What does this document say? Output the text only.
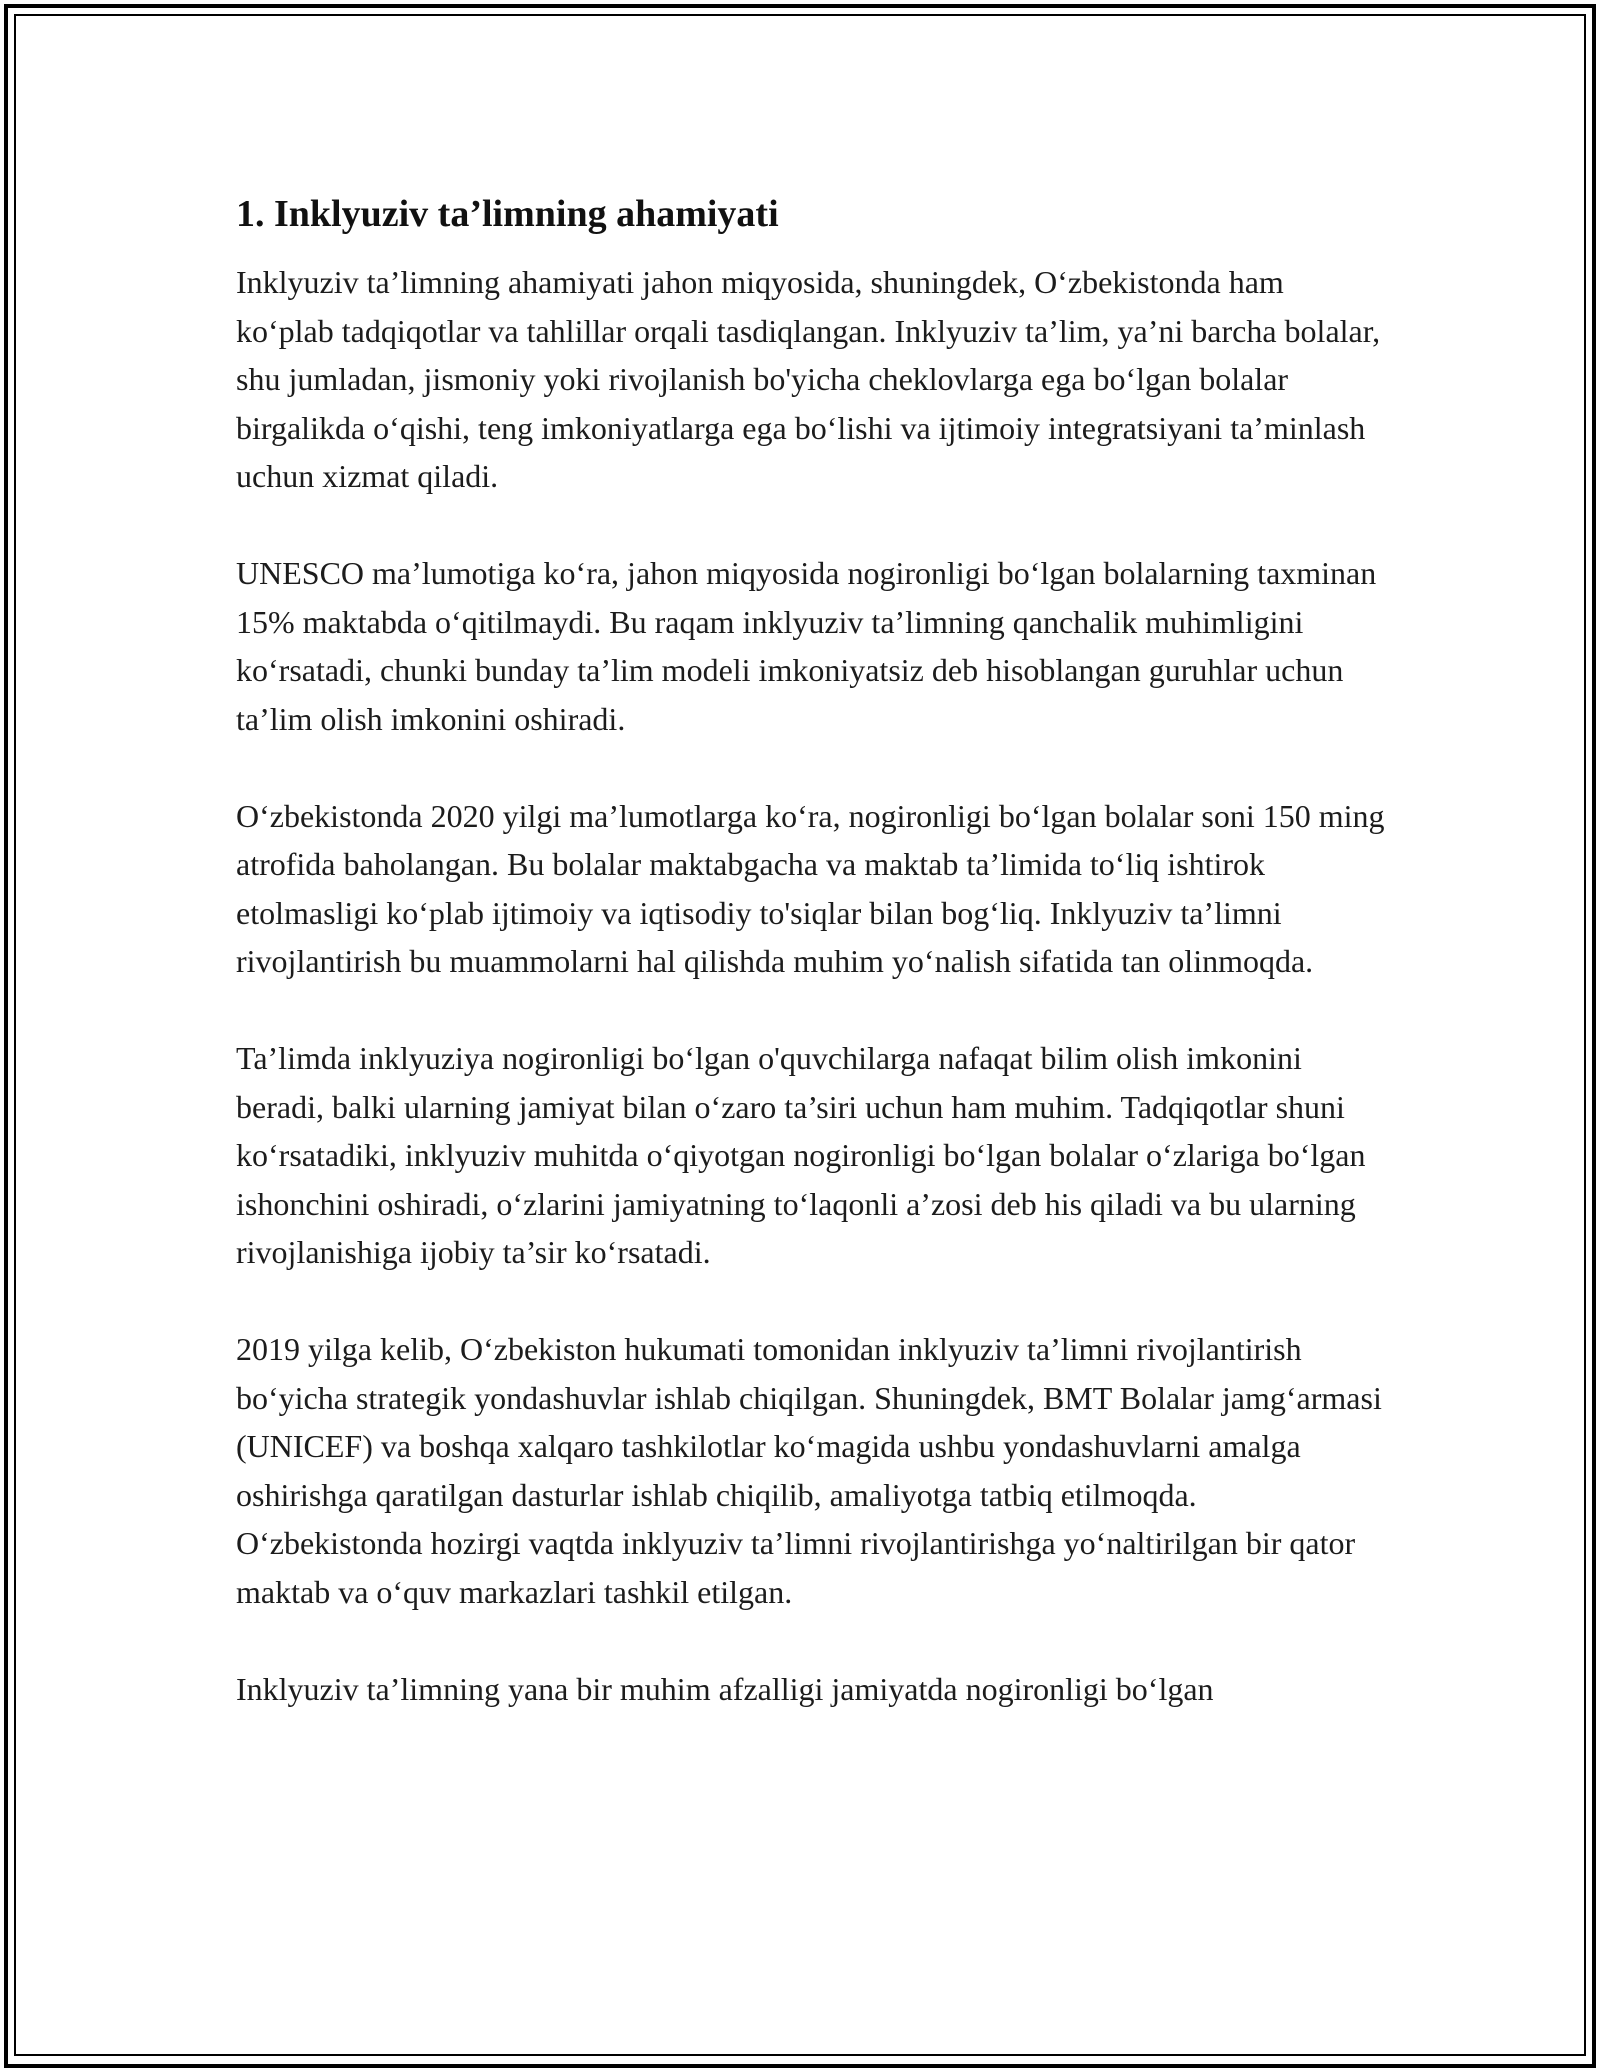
1. Inklyuziv ta’limning ahamiyati

Inklyuziv ta’limning ahamiyati jahon miqyosida, shuningdek, O‘zbekistonda ham ko‘plab tadqiqotlar va tahlillar orqali tasdiqlangan. Inklyuziv ta’lim, ya’ni barcha bolalar, shu jumladan, jismoniy yoki rivojlanish bo'yicha cheklovlarga ega bo‘lgan bolalar birgalikda o‘qishi, teng imkoniyatlarga ega bo‘lishi va ijtimoiy integratsiyani ta’minlash uchun xizmat qiladi.

UNESCO ma’lumotiga ko‘ra, jahon miqyosida nogironligi bo‘lgan bolalarning taxminan 15% maktabda o‘qitilmaydi. Bu raqam inklyuziv ta’limning qanchalik muhimligini ko‘rsatadi, chunki bunday ta’lim modeli imkoniyatsiz deb hisoblangan guruhlar uchun ta’lim olish imkonini oshiradi.

O‘zbekistonda 2020 yilgi ma’lumotlarga ko‘ra, nogironligi bo‘lgan bolalar soni 150 ming atrofida baholangan. Bu bolalar maktabgacha va maktab ta’limida to‘liq ishtirok etolmasligi ko‘plab ijtimoiy va iqtisodiy to'siqlar bilan bog‘liq. Inklyuziv ta’limni rivojlantirish bu muammolarni hal qilishda muhim yo‘nalish sifatida tan olinmoqda.

Ta’limda inklyuziya nogironligi bo‘lgan o'quvchilarga nafaqat bilim olish imkonini beradi, balki ularning jamiyat bilan o‘zaro ta’siri uchun ham muhim. Tadqiqotlar shuni ko‘rsatadiki, inklyuziv muhitda o‘qiyotgan nogironligi bo‘lgan bolalar o‘zlariga bo‘lgan ishonchini oshiradi, o‘zlarini jamiyatning to‘laqonli a’zosi deb his qiladi va bu ularning rivojlanishiga ijobiy ta’sir ko‘rsatadi.

2019 yilga kelib, O‘zbekiston hukumati tomonidan inklyuziv ta’limni rivojlantirish bo‘yicha strategik yondashuvlar ishlab chiqilgan. Shuningdek, BMT Bolalar jamg‘armasi (UNICEF) va boshqa xalqaro tashkilotlar ko‘magida ushbu yondashuvlarni amalga oshirishga qaratilgan dasturlar ishlab chiqilib, amaliyotga tatbiq etilmoqda. O‘zbekistonda hozirgi vaqtda inklyuziv ta’limni rivojlantirishga yo‘naltirilgan bir qator maktab va o‘quv markazlari tashkil etilgan.

Inklyuziv ta’limning yana bir muhim afzalligi jamiyatda nogironligi bo‘lgan
